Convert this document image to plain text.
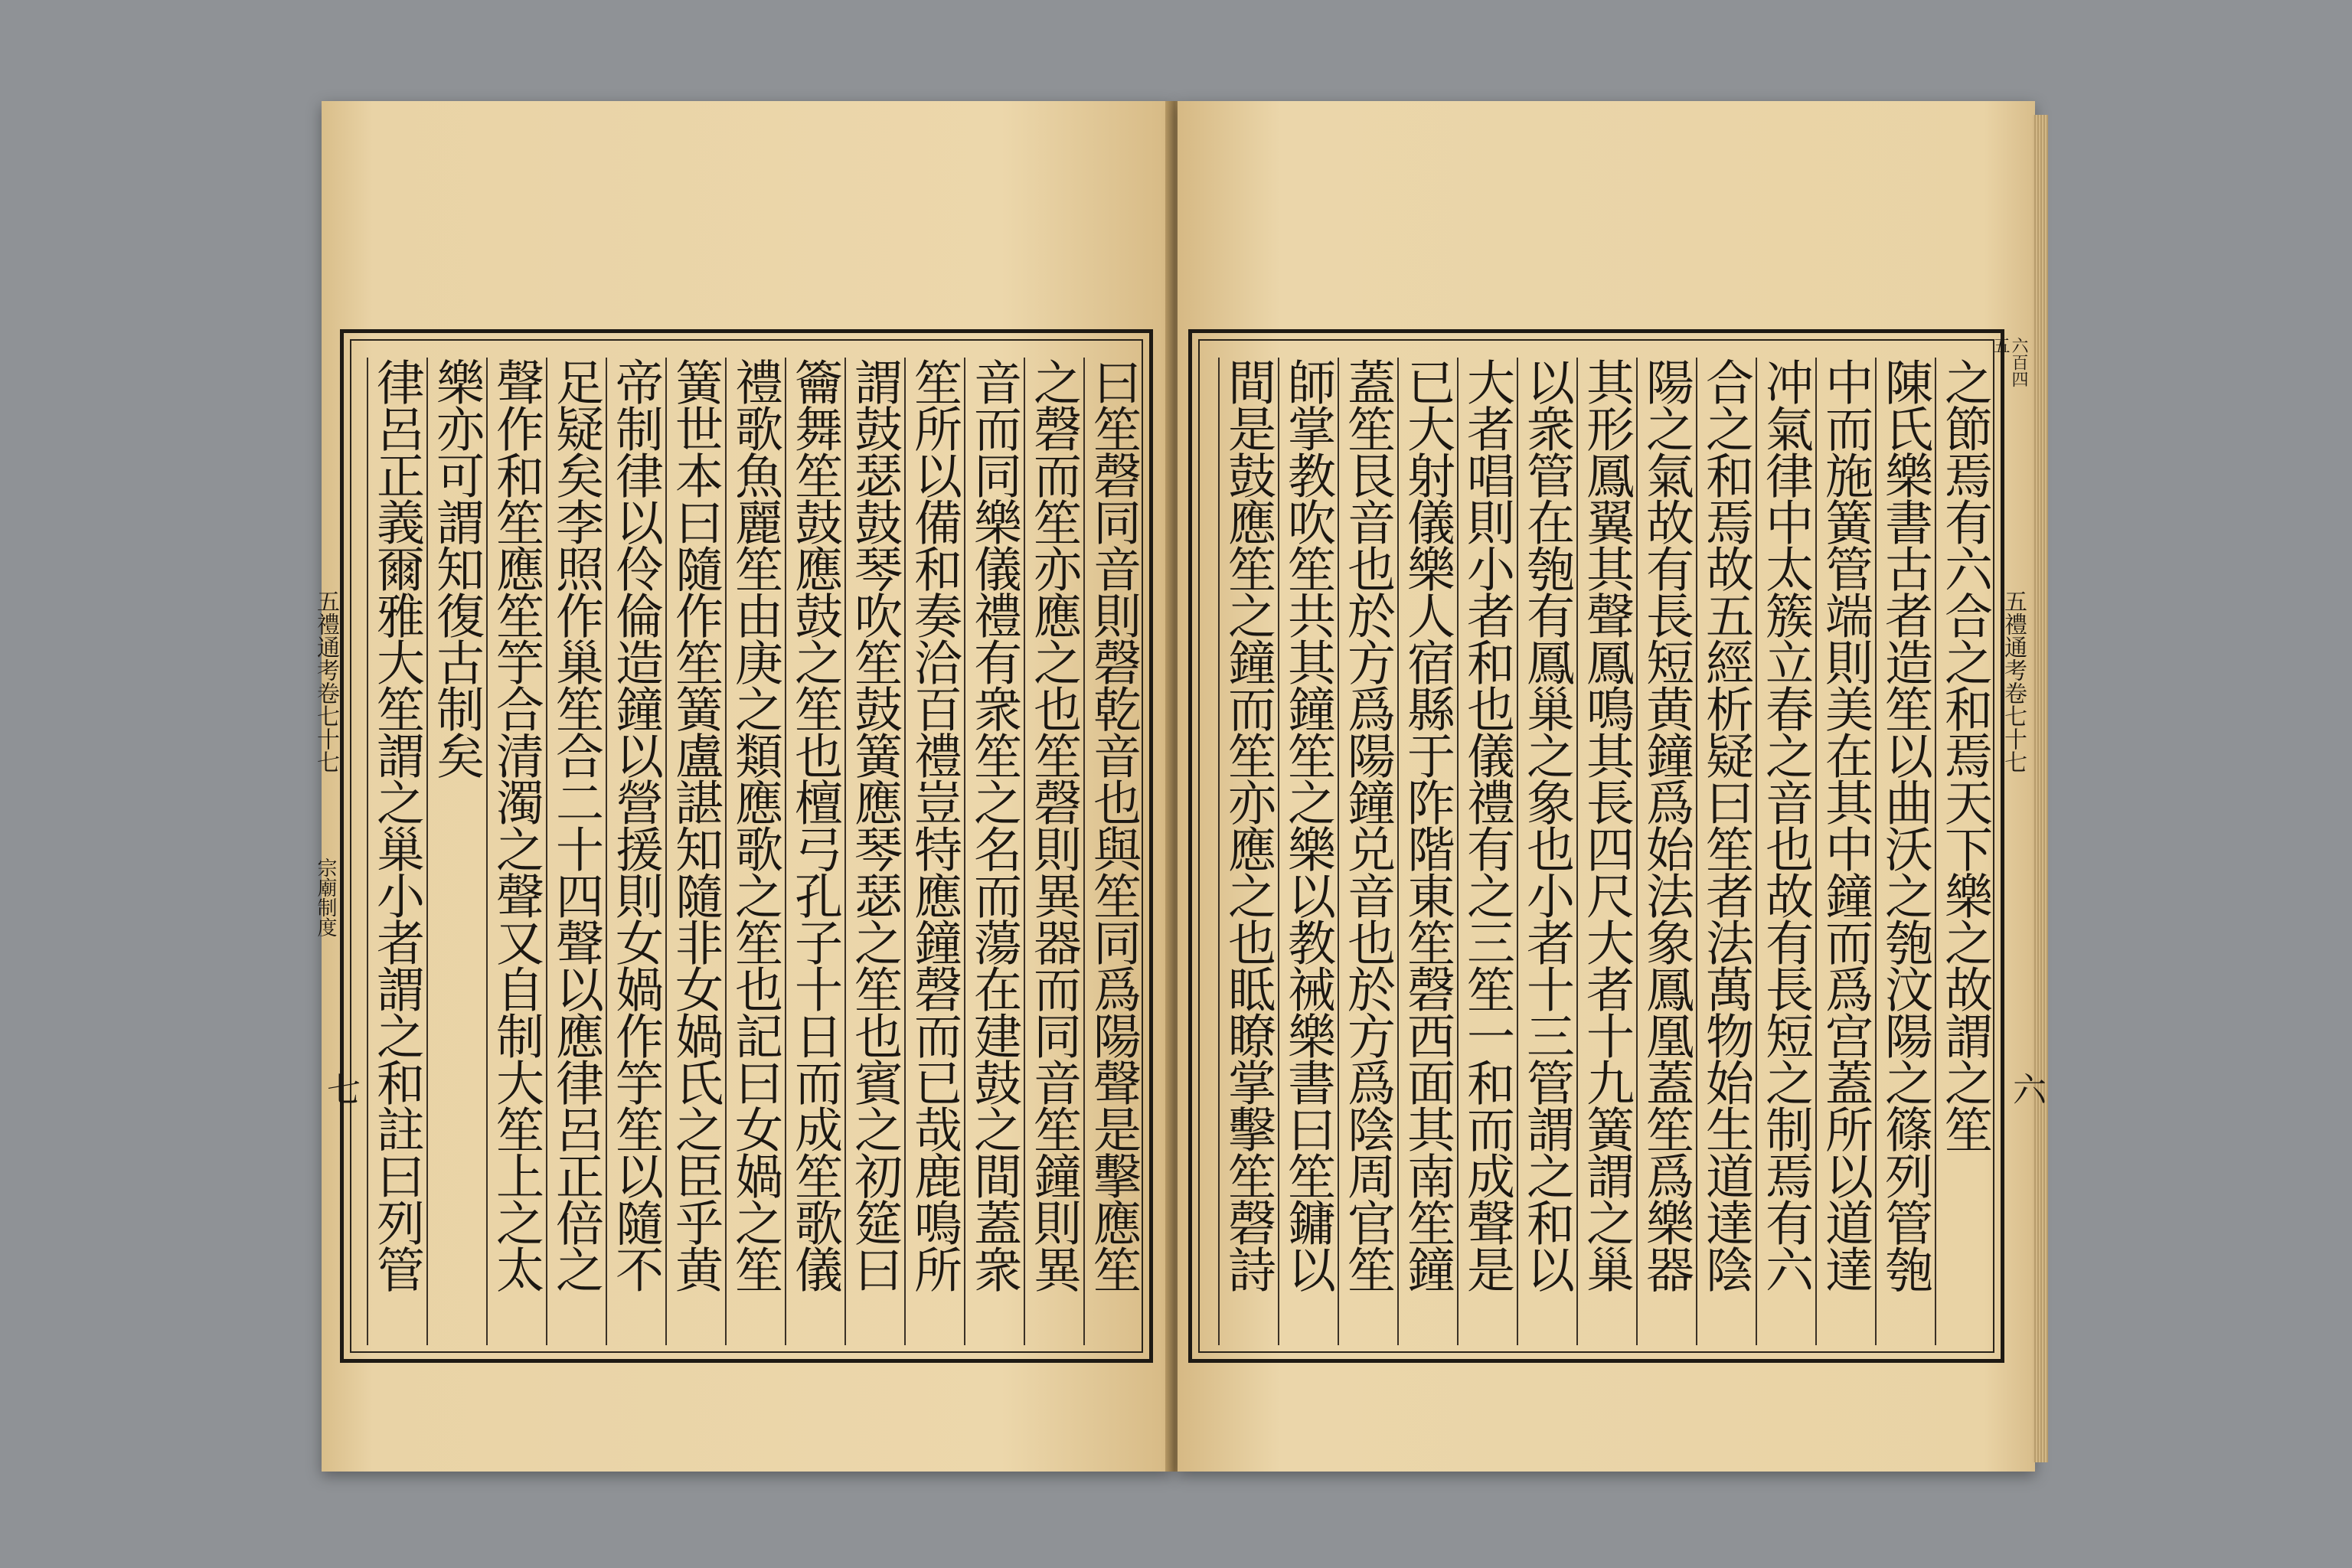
曰笙磬同音則磬乾音也與笙同爲陽聲是擊應笙
之磬而笙亦應之也笙磬則異器而同音笙鐘則異
音而同樂儀禮有衆笙之名而蕩在建鼓之間蓋衆
笙所以備和奏洽百禮豈特應鐘磬而已哉鹿鳴所
謂鼓瑟鼓琴吹笙鼓簧應琴瑟之笙也賓之初筵曰
籥舞笙鼓應鼓之笙也檀弓孔子十日而成笙歌儀
禮歌魚麗笙由庚之類應歌之笙也記曰女媧之笙
簧世本曰隨作笙簧盧諶知隨非女媧氏之臣乎黄
帝制律以伶倫造鐘以營援則女媧作竽笙以隨不
足疑矣李照作巢笙合二十四聲以應律呂正倍之
聲作和笙應笙竽合清濁之聲又自制大笙上之太
樂亦可謂知復古制矣
律呂正義爾雅大笙謂之巢小者謂之和註曰列管
五禮通考卷七十七
宗廟制度
七	之節焉有六合之和焉天下樂之故謂之笙
陳氏樂書古者造笙以曲沃之匏汶陽之篠列管匏
中而施簧管端則美在其中鐘而爲宫蓋所以道達
冲氣律中太簇立春之音也故有長短之制焉有六
合之和焉故五經析疑曰笙者法萬物始生道達陰
陽之氣故有長短黄鐘爲始法象鳳凰蓋笙爲樂器
其形鳳翼其聲鳳鳴其長四尺大者十九簧謂之巢
以衆管在匏有鳳巢之象也小者十三管謂之和以
大者唱則小者和也儀禮有之三笙一和而成聲是
已大射儀樂人宿縣于阼階東笙磬西面其南笙鐘
蓋笙艮音也於方爲陽鐘兑音也於方爲陰周官笙
師掌教吹笙共其鐘笙之樂以教祴樂書曰笙鏞以
間是鼓應笙之鐘而笙亦應之也眡瞭掌擊笙磬詩	六百四五
五禮通考卷七十七
六
